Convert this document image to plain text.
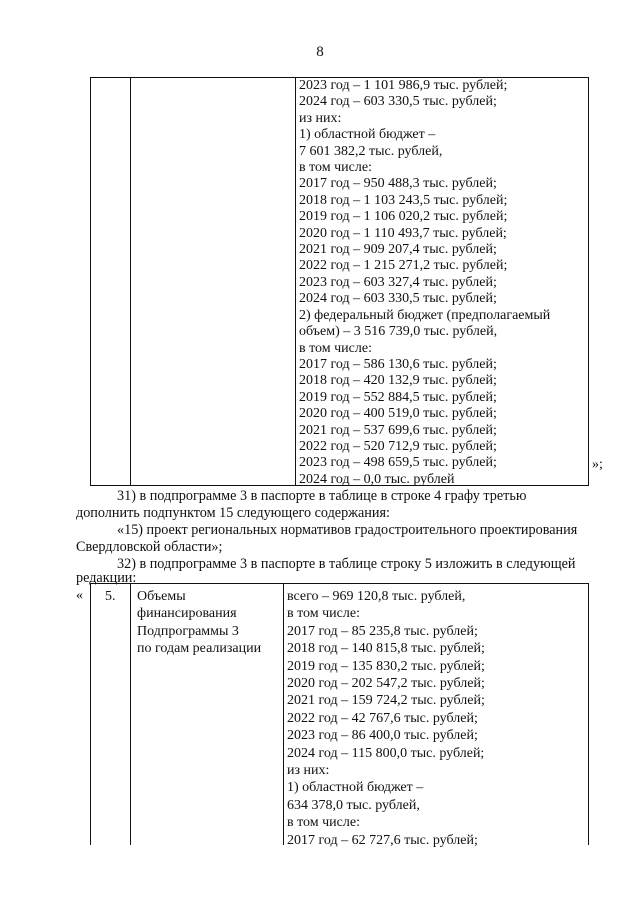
8
2023 год – 1 101 986,9 тыс. рублей;
2024 год – 603 330,5 тыс. рублей;
из них:
1) областной бюджет –
7 601 382,2 тыс. рублей,
в том числе:
2017 год – 950 488,3 тыс. рублей;
2018 год – 1 103 243,5 тыс. рублей;
2019 год – 1 106 020,2 тыс. рублей;
2020 год – 1 110 493,7 тыс. рублей;
2021 год – 909 207,4 тыс. рублей;
2022 год – 1 215 271,2 тыс. рублей;
2023 год – 603 327,4 тыс. рублей;
2024 год – 603 330,5 тыс. рублей;
2) федеральный бюджет (предполагаемый
объем) – 3 516 739,0 тыс. рублей,
в том числе:
2017 год – 586 130,6 тыс. рублей;
2018 год – 420 132,9 тыс. рублей;
2019 год – 552 884,5 тыс. рублей;
2020 год – 400 519,0 тыс. рублей;
2021 год – 537 699,6 тыс. рублей;
2022 год – 520 712,9 тыс. рублей;
2023 год – 498 659,5 тыс. рублей;
2024 год – 0,0 тыс. рублей
»;
31) в подпрограмме 3 в паспорте в таблице в строке 4 графу третью
дополнить подпунктом 15 следующего содержания:
«15) проект региональных нормативов градостроительного проектирования
Свердловской области»;
32) в подпрограмме 3 в паспорте в таблице строку 5 изложить в следующей
редакции:
« 5. Объемы
финансирования
Подпрограммы 3
по годам реализации
всего – 969 120,8 тыс. рублей,
в том числе:
2017 год – 85 235,8 тыс. рублей;
2018 год – 140 815,8 тыс. рублей;
2019 год – 135 830,2 тыс. рублей;
2020 год – 202 547,2 тыс. рублей;
2021 год – 159 724,2 тыс. рублей;
2022 год – 42 767,6 тыс. рублей;
2023 год – 86 400,0 тыс. рублей;
2024 год – 115 800,0 тыс. рублей;
из них:
1) областной бюджет –
634 378,0 тыс. рублей,
в том числе:
2017 год – 62 727,6 тыс. рублей;
